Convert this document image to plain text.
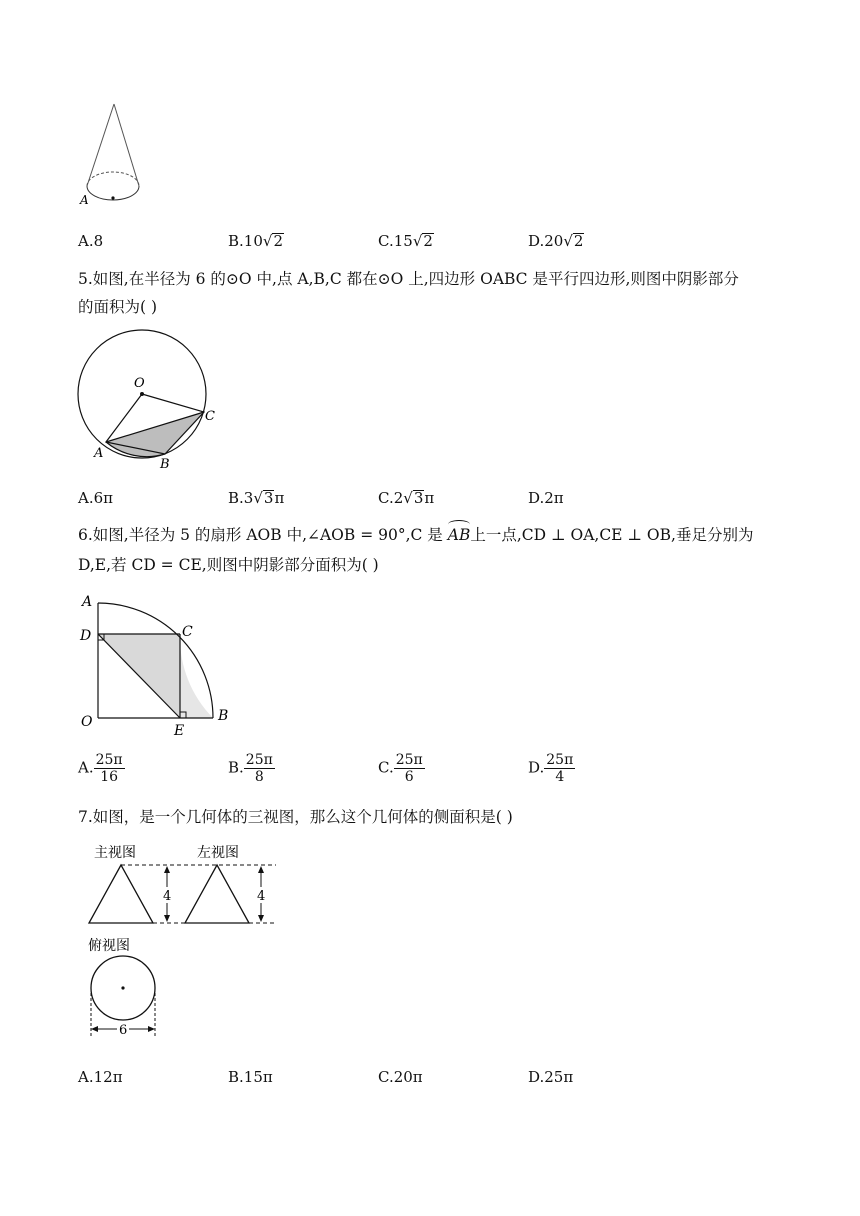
A
A.8	B.10√2	C.15√2	D.20√2
5.如图,在半径为 6 的⊙O 中,点 A,B,C 都在⊙O 上,四边形 OABC 是平行四边形,则图中阴影部分
的面积为( )
O
A
B
C
A.6π	B.3√3π	C.2√3π	D.2π
6.如图,半径为 5 的扇形 AOB 中,∠AOB = 90°,C 是 AB上一点,CD ⊥ OA,CE ⊥ OB,垂足分别为
D,E,若 CD = CE,则图中阴影部分面积为( )
A
D	C
O
E
B
A. $\frac{25\pi}{16}$	B. $\frac{25\pi}{8}$	C. $\frac{25\pi}{6}$	D. $\frac{25\pi}{4}$
7.如图，是一个几何体的三视图，那么这个几何体的侧面积是( )
主视图	左视图
4	4
俯视图
6
A.12π	B.15π	C.20π	D.25π
